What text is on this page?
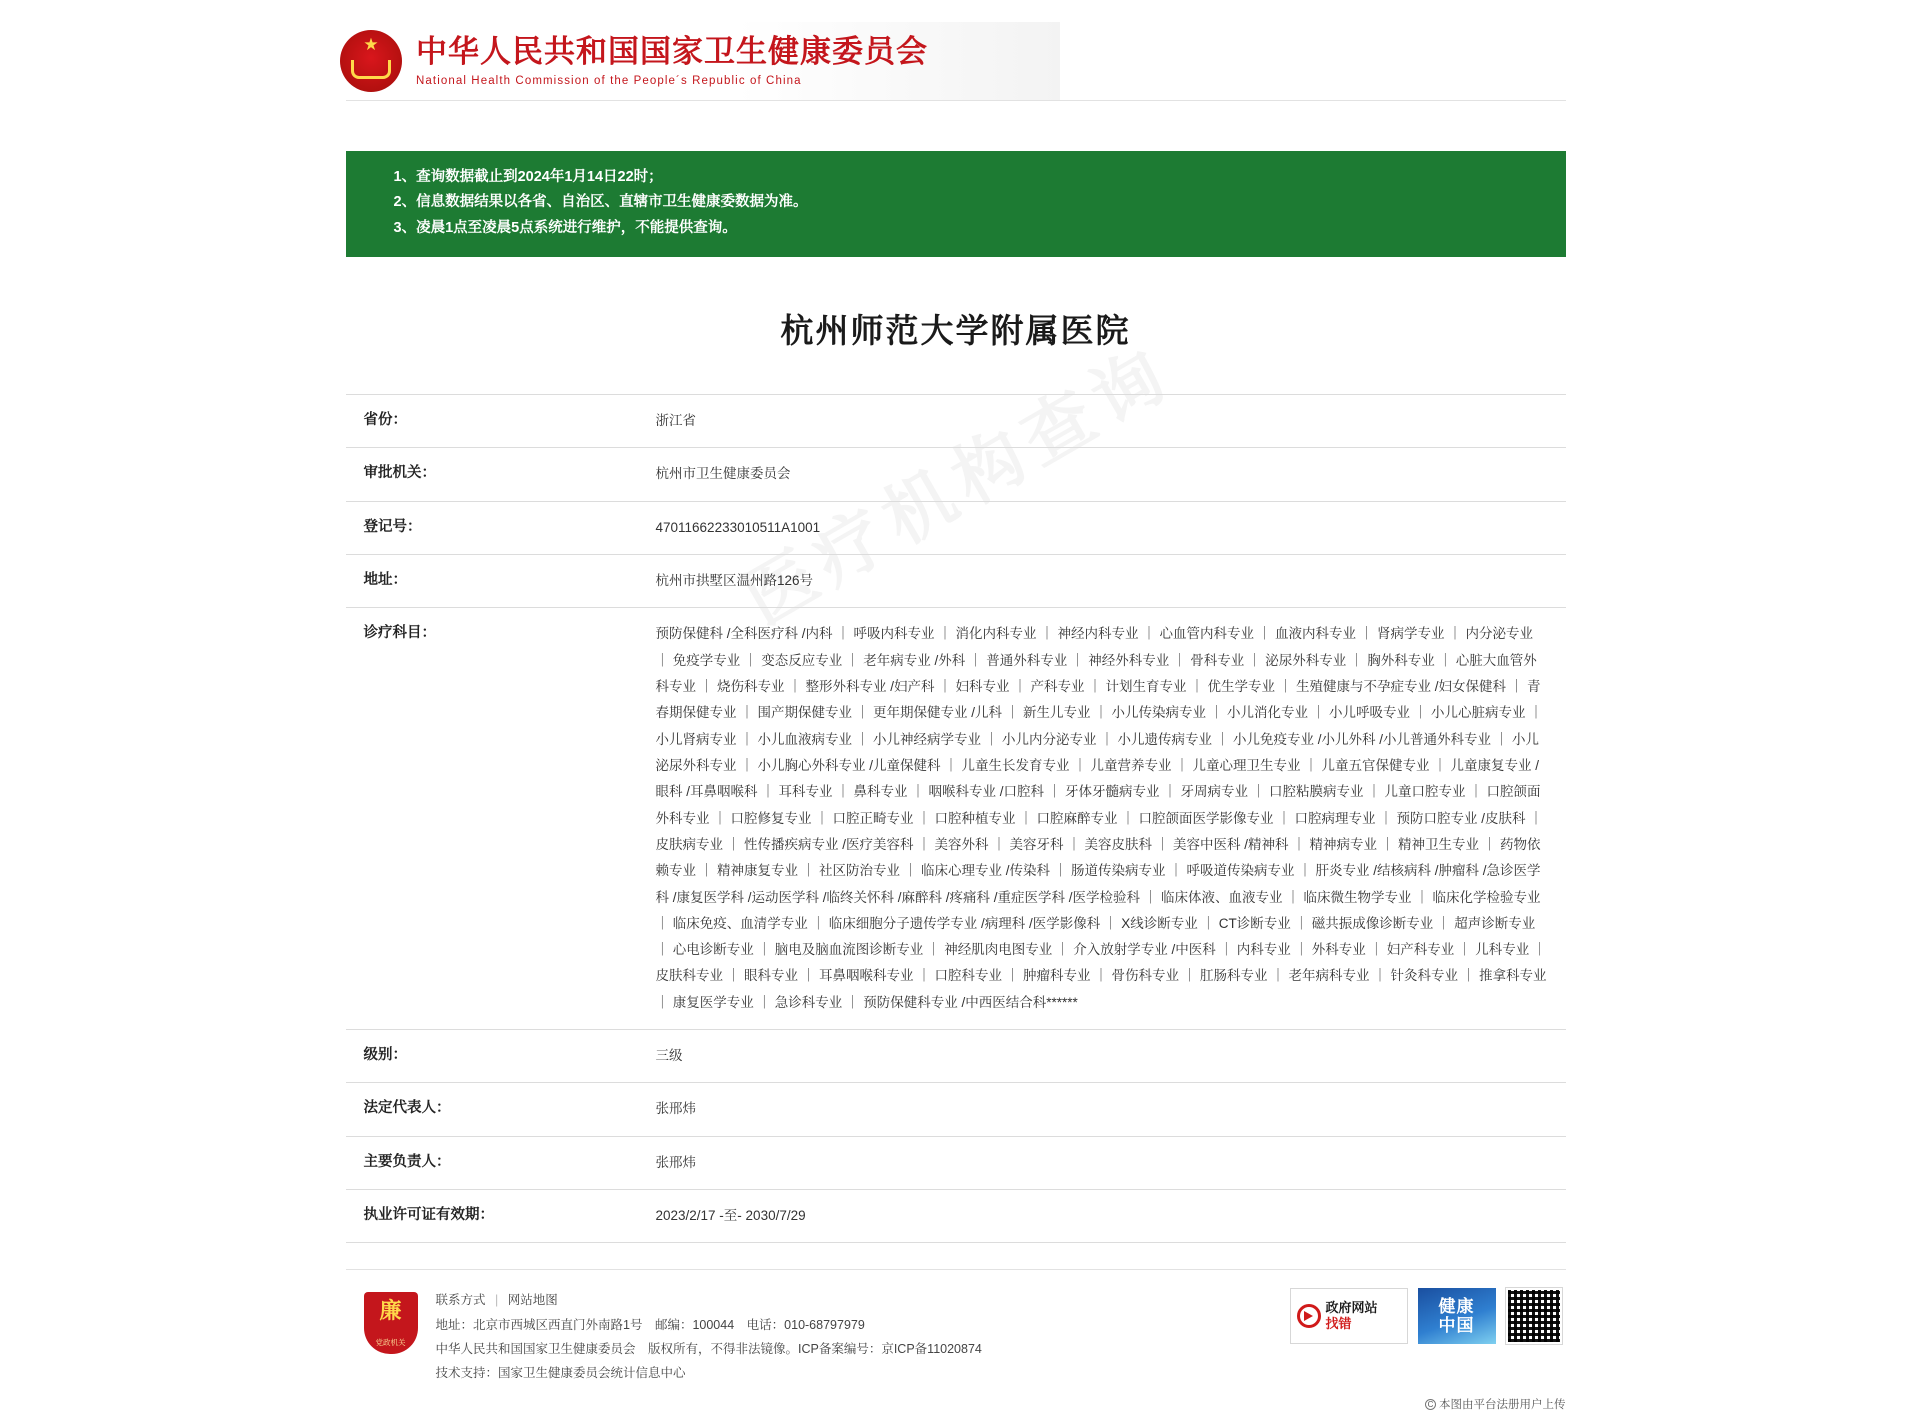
★
中华人民共和国国家卫生健康委员会
National Health Commission of the People´s Republic of China
1、查询数据截止到2024年1月14日22时；
2、信息数据结果以各省、自治区、直辖市卫生健康委数据为准。
3、凌晨1点至凌晨5点系统进行维护，不能提供查询。
杭州师范大学附属医院
省份：	浙江省
审批机关：	杭州市卫生健康委员会
登记号：	47011662233010511A1001
地址：	杭州市拱墅区温州路126号
诊疗科目：	预防保健科 /全科医疗科 /内科 ｜ 呼吸内科专业 ｜ 消化内科专业 ｜ 神经内科专业 ｜ 心血管内科专业 ｜ 血液内科专业 ｜ 肾病学专业 ｜ 内分泌专业 ｜ 免疫学专业 ｜ 变态反应专业 ｜ 老年病专业 /外科 ｜ 普通外科专业 ｜ 神经外科专业 ｜ 骨科专业 ｜ 泌尿外科专业 ｜ 胸外科专业 ｜ 心脏大血管外科专业 ｜ 烧伤科专业 ｜ 整形外科专业 /妇产科 ｜ 妇科专业 ｜ 产科专业 ｜ 计划生育专业 ｜ 优生学专业 ｜ 生殖健康与不孕症专业 /妇女保健科 ｜ 青春期保健专业 ｜ 围产期保健专业 ｜ 更年期保健专业 /儿科 ｜ 新生儿专业 ｜ 小儿传染病专业 ｜ 小儿消化专业 ｜ 小儿呼吸专业 ｜ 小儿心脏病专业 ｜ 小儿肾病专业 ｜ 小儿血液病专业 ｜ 小儿神经病学专业 ｜ 小儿内分泌专业 ｜ 小儿遗传病专业 ｜ 小儿免疫专业 /小儿外科 /小儿普通外科专业 ｜ 小儿泌尿外科专业 ｜ 小儿胸心外科专业 /儿童保健科 ｜ 儿童生长发育专业 ｜ 儿童营养专业 ｜ 儿童心理卫生专业 ｜ 儿童五官保健专业 ｜ 儿童康复专业 /眼科 /耳鼻咽喉科 ｜ 耳科专业 ｜ 鼻科专业 ｜ 咽喉科专业 /口腔科 ｜ 牙体牙髓病专业 ｜ 牙周病专业 ｜ 口腔粘膜病专业 ｜ 儿童口腔专业 ｜ 口腔颌面外科专业 ｜ 口腔修复专业 ｜ 口腔正畸专业 ｜ 口腔种植专业 ｜ 口腔麻醉专业 ｜ 口腔颌面医学影像专业 ｜ 口腔病理专业 ｜ 预防口腔专业 /皮肤科 ｜ 皮肤病专业 ｜ 性传播疾病专业 /医疗美容科 ｜ 美容外科 ｜ 美容牙科 ｜ 美容皮肤科 ｜ 美容中医科 /精神科 ｜ 精神病专业 ｜ 精神卫生专业 ｜ 药物依赖专业 ｜ 精神康复专业 ｜ 社区防治专业 ｜ 临床心理专业 /传染科 ｜ 肠道传染病专业 ｜ 呼吸道传染病专业 ｜ 肝炎专业 /结核病科 /肿瘤科 /急诊医学科 /康复医学科 /运动医学科 /临终关怀科 /麻醉科 /疼痛科 /重症医学科 /医学检验科 ｜ 临床体液、血液专业 ｜ 临床微生物学专业 ｜ 临床化学检验专业 ｜ 临床免疫、血清学专业 ｜ 临床细胞分子遗传学专业 /病理科 /医学影像科 ｜ X线诊断专业 ｜ CT诊断专业 ｜ 磁共振成像诊断专业 ｜ 超声诊断专业 ｜ 心电诊断专业 ｜ 脑电及脑血流图诊断专业 ｜ 神经肌肉电图专业 ｜ 介入放射学专业 /中医科 ｜ 内科专业 ｜ 外科专业 ｜ 妇产科专业 ｜ 儿科专业 ｜ 皮肤科专业 ｜ 眼科专业 ｜ 耳鼻咽喉科专业 ｜ 口腔科专业 ｜ 肿瘤科专业 ｜ 骨伤科专业 ｜ 肛肠科专业 ｜ 老年病科专业 ｜ 针灸科专业 ｜ 推拿科专业 ｜ 康复医学专业 ｜ 急诊科专业 ｜ 预防保健科专业 /中西医结合科******
级别：	三级
法定代表人：	张邢炜
主要负责人：	张邢炜
执业许可证有效期：	2023/2/17 -至- 2030/7/29
廉
党政机关
联系方式 | 网站地图
地址：北京市西城区西直门外南路1号　邮编：100044　电话：010-68797979
中华人民共和国国家卫生健康委员会　版权所有，不得非法镜像。ICP备案编号：京ICP备11020874
技术支持：国家卫生健康委员会统计信息中心
政府网站
找错
健康
中国
C 本图由平台法册用户上传
